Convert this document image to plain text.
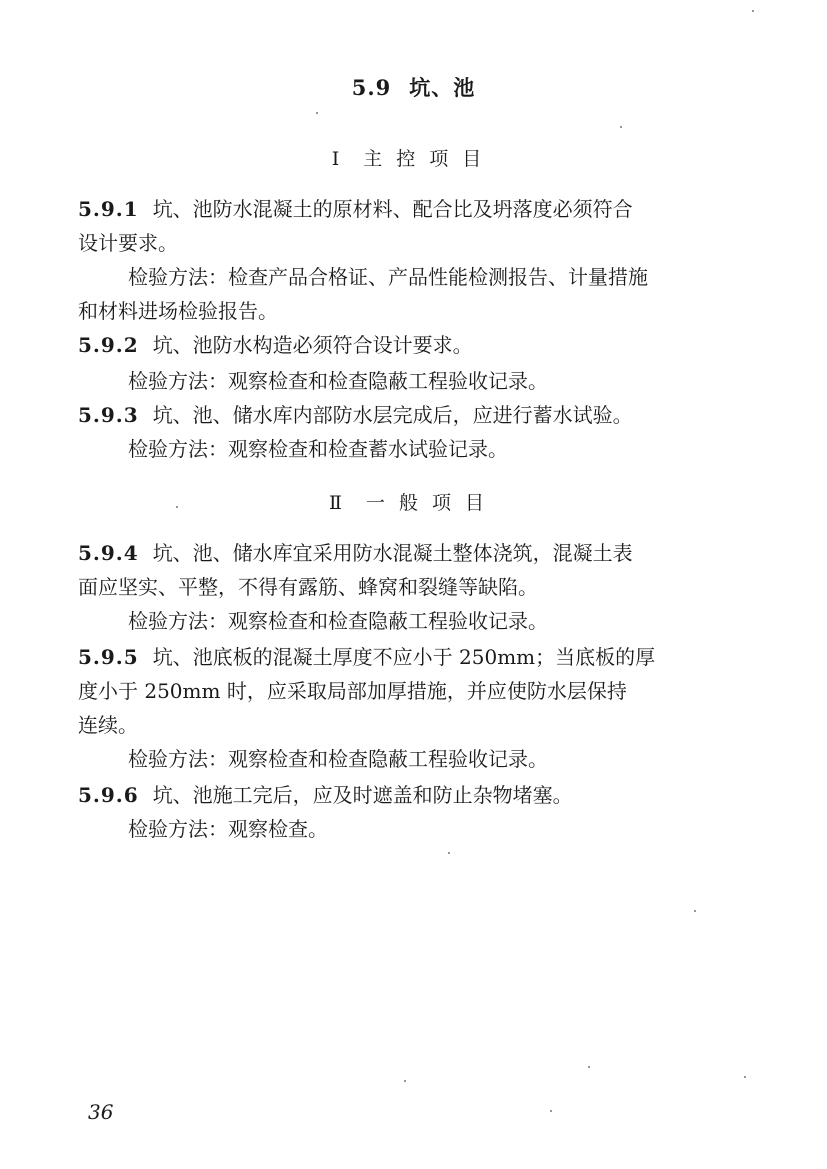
5.9 坑、池
Ⅰ 主控项目
5.9.1 坑、池防水混凝土的原材料、配合比及坍落度必须符合
设计要求。
检验方法：检查产品合格证、产品性能检测报告、计量措施
和材料进场检验报告。
5.9.2 坑、池防水构造必须符合设计要求。
检验方法：观察检查和检查隐蔽工程验收记录。
5.9.3 坑、池、储水库内部防水层完成后，应进行蓄水试验。
检验方法：观察检查和检查蓄水试验记录。
Ⅱ 一般项目
5.9.4 坑、池、储水库宜采用防水混凝土整体浇筑，混凝土表
面应坚实、平整，不得有露筋、蜂窝和裂缝等缺陷。
检验方法：观察检查和检查隐蔽工程验收记录。
5.9.5 坑、池底板的混凝土厚度不应小于 250mm；当底板的厚
度小于 250mm 时，应采取局部加厚措施，并应使防水层保持
连续。
检验方法：观察检查和检查隐蔽工程验收记录。
5.9.6 坑、池施工完后，应及时遮盖和防止杂物堵塞。
检验方法：观察检查。
36
